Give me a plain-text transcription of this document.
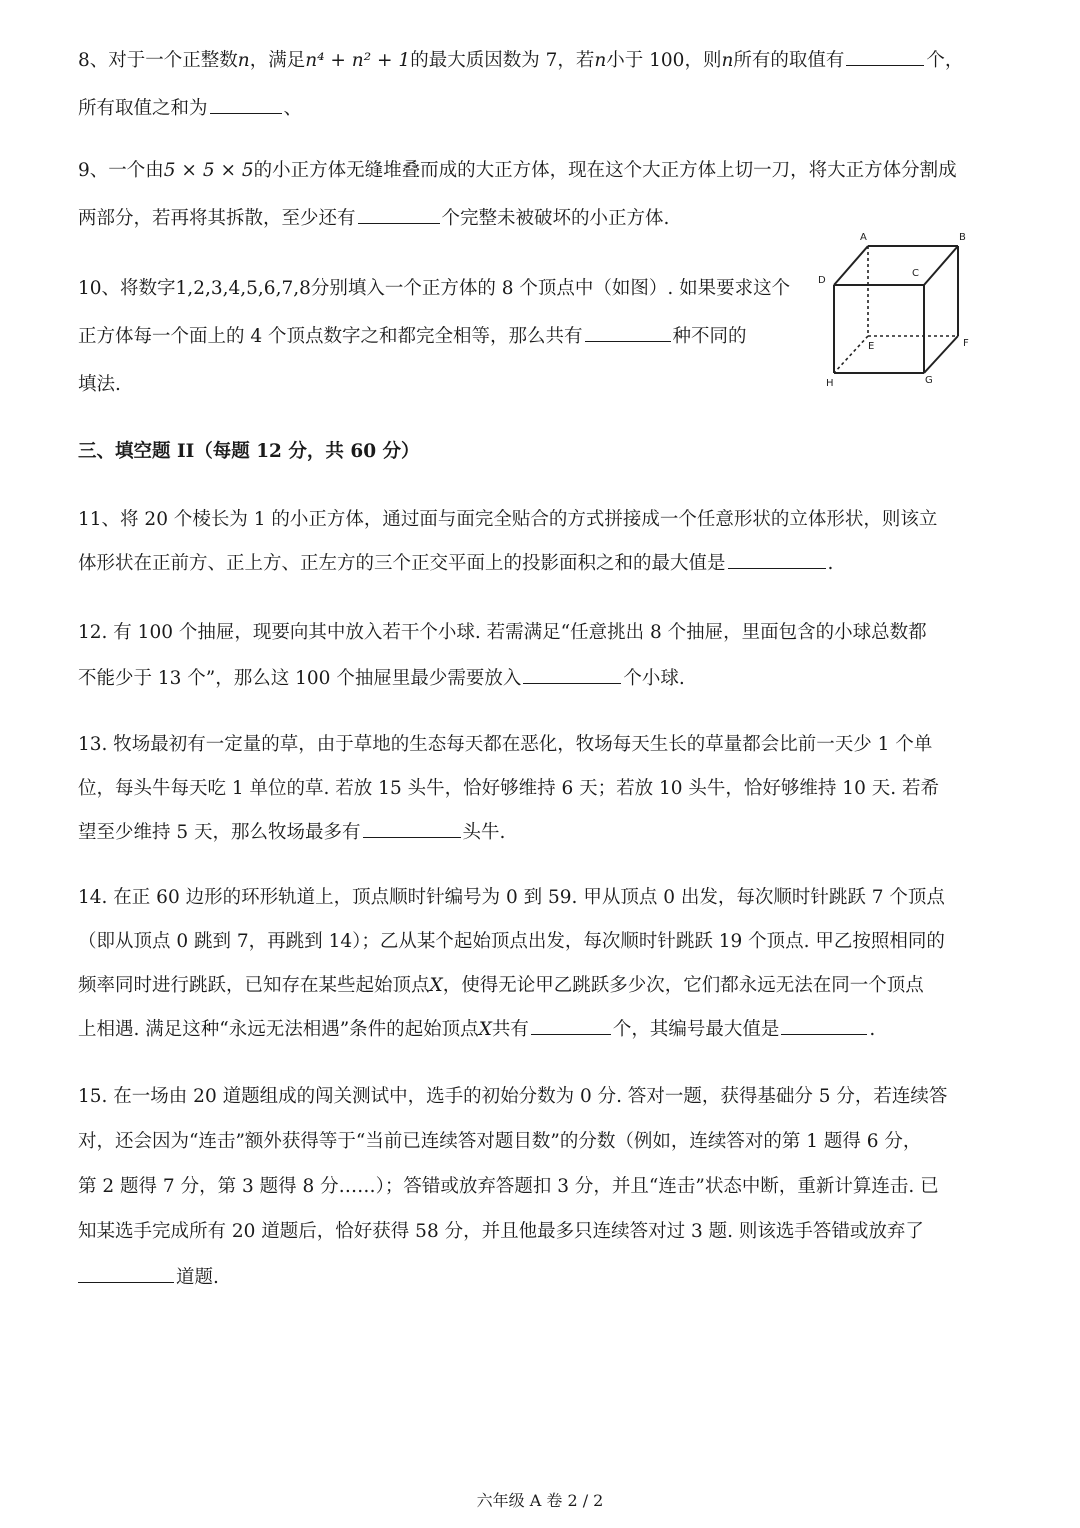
8、对于一个正整数n，满足n⁴ + n² + 1的最大质因数为 7，若n小于 100，则n所有的取值有	个，
所有取值之和为	、
9、一个由5 × 5 × 5的小正方体无缝堆叠而成的大正方体，现在这个大正方体上切一刀，将大正方体分割成
两部分，若再将其拆散，至少还有	个完整未被破坏的小正方体.
10、将数字1,2,3,4,5,6,7,8分别填入一个正方体的 8 个顶点中（如图）. 如果要求这个
正方体每一个面上的 4 个顶点数字之和都完全相等，那么共有	种不同的
填法.
A	B
C
D
E	F
G
H
三、填空题 II（每题 12 分，共 60 分）
11、将 20 个棱长为 1 的小正方体，通过面与面完全贴合的方式拼接成一个任意形状的立体形状，则该立
体形状在正前方、正上方、正左方的三个正交平面上的投影面积之和的最大值是	.
12. 有 100 个抽屉，现要向其中放入若干个小球. 若需满足“任意挑出 8 个抽屉，里面包含的小球总数都
不能少于 13 个”，那么这 100 个抽屉里最少需要放入	个小球.
13. 牧场最初有一定量的草，由于草地的生态每天都在恶化，牧场每天生长的草量都会比前一天少 1 个单
位，每头牛每天吃 1 单位的草. 若放 15 头牛，恰好够维持 6 天；若放 10 头牛，恰好够维持 10 天. 若希
望至少维持 5 天，那么牧场最多有	头牛.
14. 在正 60 边形的环形轨道上，顶点顺时针编号为 0 到 59. 甲从顶点 0 出发，每次顺时针跳跃 7 个顶点
（即从顶点 0 跳到 7，再跳到 14）；乙从某个起始顶点出发，每次顺时针跳跃 19 个顶点. 甲乙按照相同的
频率同时进行跳跃，已知存在某些起始顶点X，使得无论甲乙跳跃多少次，它们都永远无法在同一个顶点
上相遇. 满足这种“永远无法相遇”条件的起始顶点X共有	个，其编号最大值是	.
15. 在一场由 20 道题组成的闯关测试中，选手的初始分数为 0 分. 答对一题，获得基础分 5 分，若连续答
对，还会因为“连击”额外获得等于“当前已连续答对题目数”的分数（例如，连续答对的第 1 题得 6 分，
第 2 题得 7 分，第 3 题得 8 分……）；答错或放弃答题扣 3 分，并且“连击”状态中断，重新计算连击. 已
知某选手完成所有 20 道题后，恰好获得 58 分，并且他最多只连续答对过 3 题. 则该选手答错或放弃了
道题.
六年级 A 卷 2 / 2
